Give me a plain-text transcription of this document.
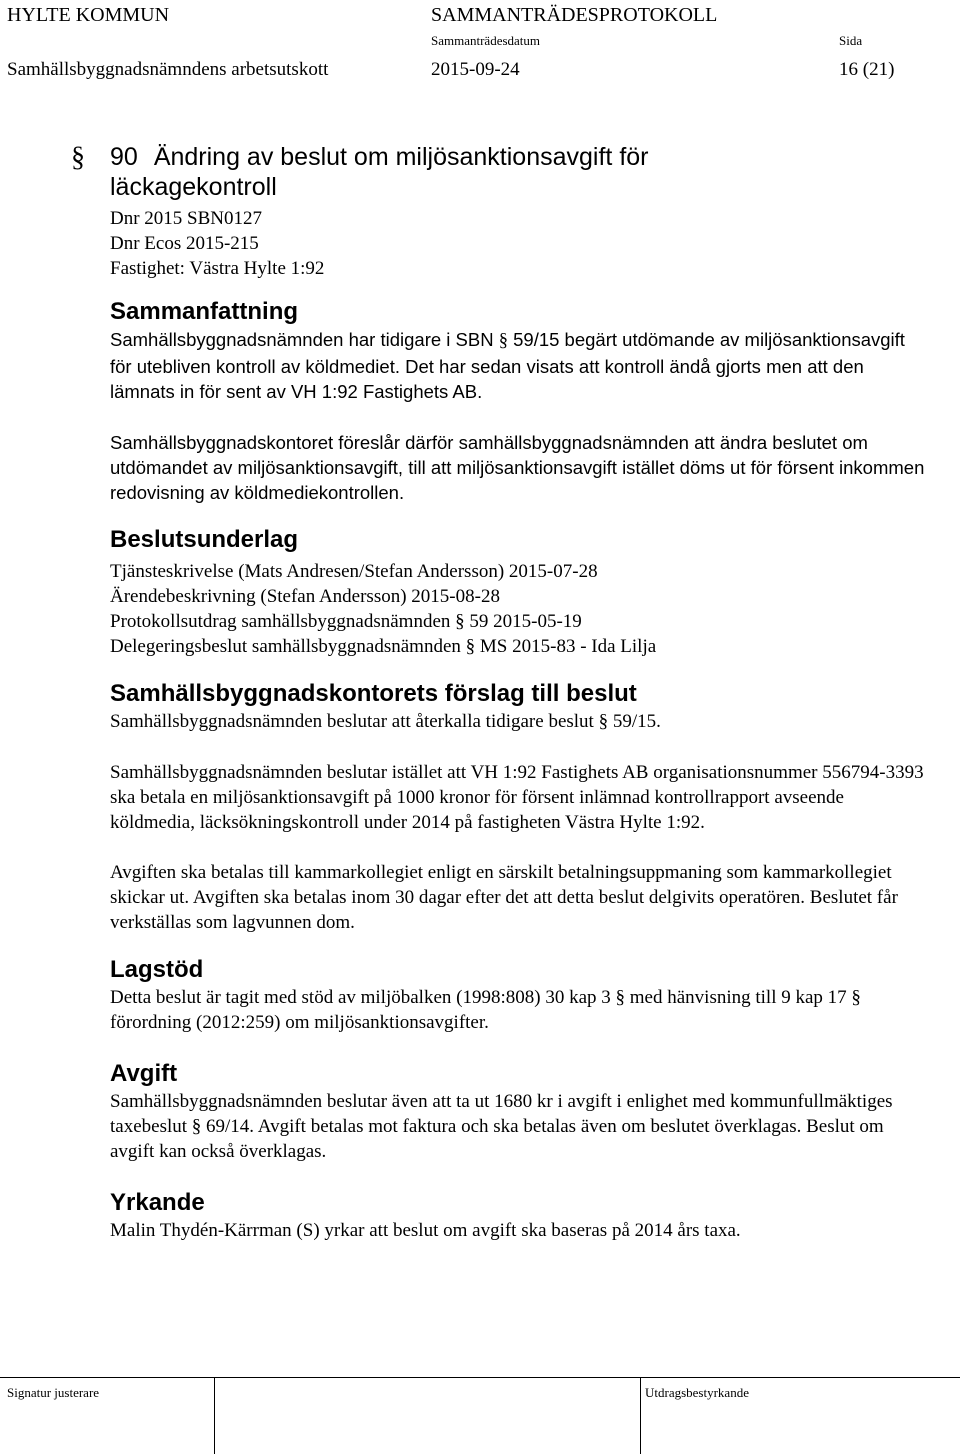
HYLTE KOMMUN	SAMMANTRÄDESPROTOKOLL
Sammanträdesdatum	Sida
Samhällsbyggnadsnämndens arbetsutskott	2015-09-24	16 (21)
§ 90 Ändring av beslut om miljösanktionsavgift för

läckagekontroll

Dnr 2015 SBN0127
Dnr Ecos 2015-215
Fastighet: Västra Hylte 1:92
Sammanfattning

Samhällsbyggnadsnämnden har tidigare i SBN § 59/15 begärt utdömande av miljösanktionsavgift för utebliven kontroll av köldmediet. Det har sedan visats att kontroll ändå gjorts men att den lämnats in för sent av VH 1:92 Fastighets AB.

Samhällsbyggnadskontoret föreslår därför samhällsbyggnadsnämnden att ändra beslutet om utdömandet av miljösanktionsavgift, till att miljösanktionsavgift istället döms ut för försent inkommen redovisning av köldmediekontrollen.

Beslutsunderlag
Tjänsteskrivelse (Mats Andresen/Stefan Andersson) 2015-07-28
Ärendebeskrivning (Stefan Andersson) 2015-08-28
Protokollsutdrag samhällsbyggnadsnämnden § 59 2015-05-19
Delegeringsbeslut samhällsbyggnadsnämnden § MS 2015-83 - Ida Lilja
Samhällsbyggnadskontorets förslag till beslut

Samhällsbyggnadsnämnden beslutar att återkalla tidigare beslut § 59/15.

Samhällsbyggnadsnämnden beslutar istället att VH 1:92 Fastighets AB organisationsnummer 556794-3393 ska betala en miljösanktionsavgift på 1000 kronor för försent inlämnad kontrollrapport avseende köldmedia, läcksökningskontroll under 2014 på fastigheten Västra Hylte 1:92.

Avgiften ska betalas till kammarkollegiet enligt en särskilt betalningsuppmaning som kammarkollegiet skickar ut. Avgiften ska betalas inom 30 dagar efter det att detta beslut delgivits operatören. Beslutet får verkställas som lagvunnen dom.

Lagstöd

Detta beslut är tagit med stöd av miljöbalken (1998:808) 30 kap 3 § med hänvisning till 9 kap 17 § förordning (2012:259) om miljösanktionsavgifter.

Avgift

Samhällsbyggnadsnämnden beslutar även att ta ut 1680 kr i avgift i enlighet med kommunfullmäktiges taxebeslut § 69/14. Avgift betalas mot faktura och ska betalas även om beslutet överklagas. Beslut om avgift kan också överklagas.

Yrkande

Malin Thydén-Kärrman (S) yrkar att beslut om avgift ska baseras på 2014 års taxa.

Signatur justerare	Utdragsbestyrkande
